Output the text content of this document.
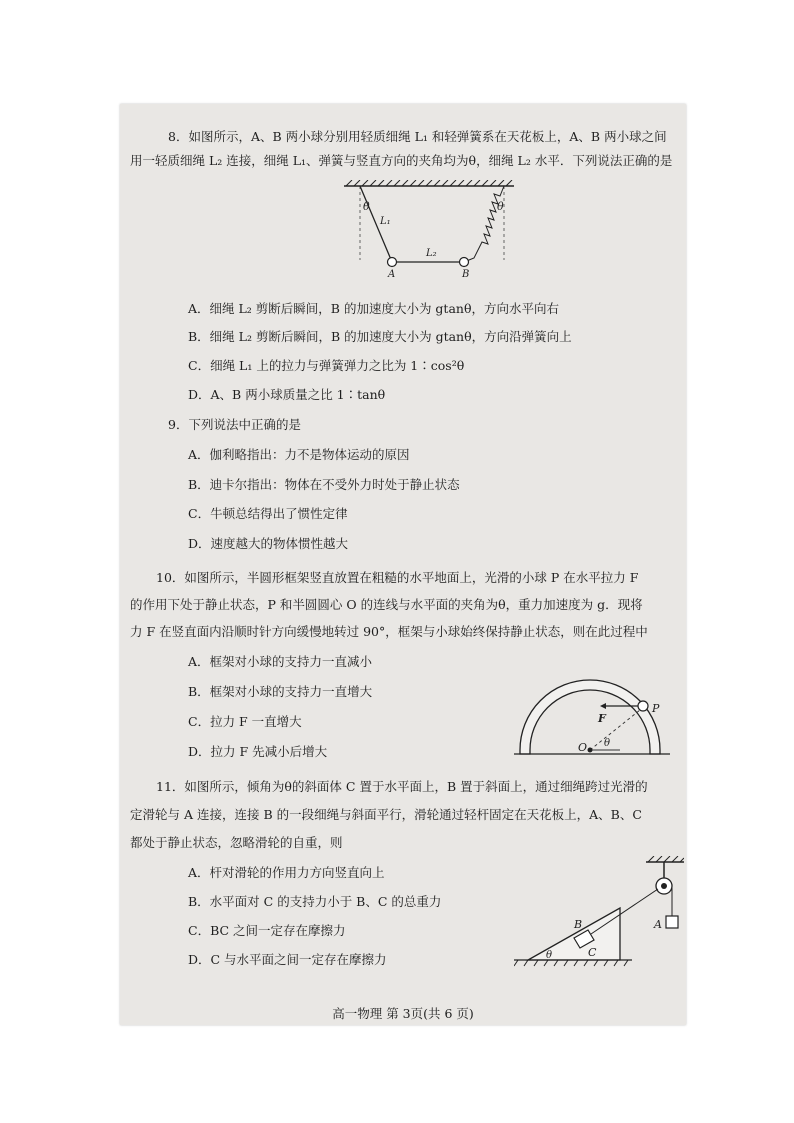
8．如图所示，A、B 两小球分别用轻质细绳 L₁ 和轻弹簧系在天花板上，A、B 两小球之间
用一轻质细绳 L₂ 连接，细绳 L₁、弹簧与竖直方向的夹角均为θ，细绳 L₂ 水平．下列说法正确的是
θ	θ
L₁
L₂
A	B
A．细绳 L₂ 剪断后瞬间，B 的加速度大小为 gtanθ，方向水平向右
B．细绳 L₂ 剪断后瞬间，B 的加速度大小为 gtanθ，方向沿弹簧向上
C．细绳 L₁ 上的拉力与弹簧弹力之比为 1∶cos²θ
D．A、B 两小球质量之比 1∶tanθ
9．下列说法中正确的是
A．伽利略指出：力不是物体运动的原因
B．迪卡尔指出：物体在不受外力时处于静止状态
C．牛顿总结得出了惯性定律
D．速度越大的物体惯性越大
10．如图所示，半圆形框架竖直放置在粗糙的水平地面上，光滑的小球 P 在水平拉力 F
的作用下处于静止状态，P 和半圆圆心 O 的连线与水平面的夹角为θ，重力加速度为 g．现将
力 F 在竖直面内沿顺时针方向缓慢地转过 90°，框架与小球始终保持静止状态，则在此过程中
A．框架对小球的支持力一直减小
B．框架对小球的支持力一直增大
C．拉力 F 一直增大
D．拉力 F 先减小后增大
F
P
O θ
11．如图所示，倾角为θ的斜面体 C 置于水平面上，B 置于斜面上，通过细绳跨过光滑的
定滑轮与 A 连接，连接 B 的一段细绳与斜面平行，滑轮通过轻杆固定在天花板上，A、B、C
都处于静止状态，忽略滑轮的自重，则
A．杆对滑轮的作用力方向竖直向上
B．水平面对 C 的支持力小于 B、C 的总重力
C．BC 之间一定存在摩擦力
D．C 与水平面之间一定存在摩擦力
A
B
C
θ
高一物理 第 3页(共 6 页)
